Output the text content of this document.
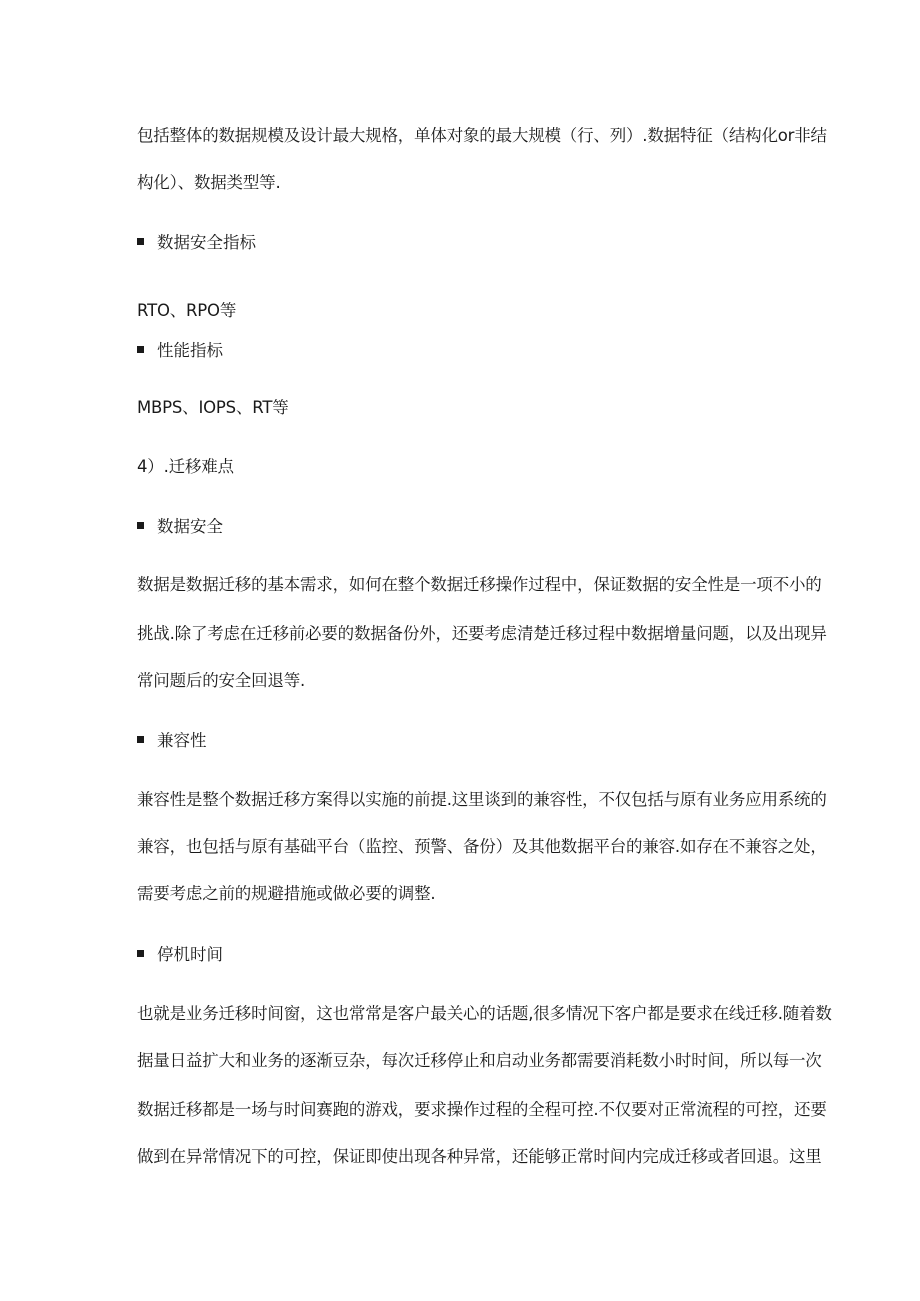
包括整体的数据规模及设计最大规格，单体对象的最大规模（行、列）.数据特征（结构化or非结
构化）、数据类型等.
数据安全指标
RTO、RPO等
性能指标
MBPS、IOPS、RT等
4）.迁移难点
数据安全
数据是数据迁移的基本需求，如何在整个数据迁移操作过程中，保证数据的安全性是一项不小的
挑战.除了考虑在迁移前必要的数据备份外，还要考虑清楚迁移过程中数据增量问题，以及出现异
常问题后的安全回退等.
兼容性
兼容性是整个数据迁移方案得以实施的前提.这里谈到的兼容性，不仅包括与原有业务应用系统的
兼容，也包括与原有基础平台（监控、预警、备份）及其他数据平台的兼容.如存在不兼容之处，
需要考虑之前的规避措施或做必要的调整.
停机时间
也就是业务迁移时间窗，这也常常是客户最关心的话题,很多情况下客户都是要求在线迁移.随着数
据量日益扩大和业务的逐渐豆杂，每次迁移停止和启动业务都需要消耗数小时时间，所以每一次
数据迁移都是一场与时间赛跑的游戏，要求操作过程的全程可控.不仅要对正常流程的可控，还要
做到在异常情况下的可控，保证即使出现各种异常，还能够正常时间内完成迁移或者回退。这里
